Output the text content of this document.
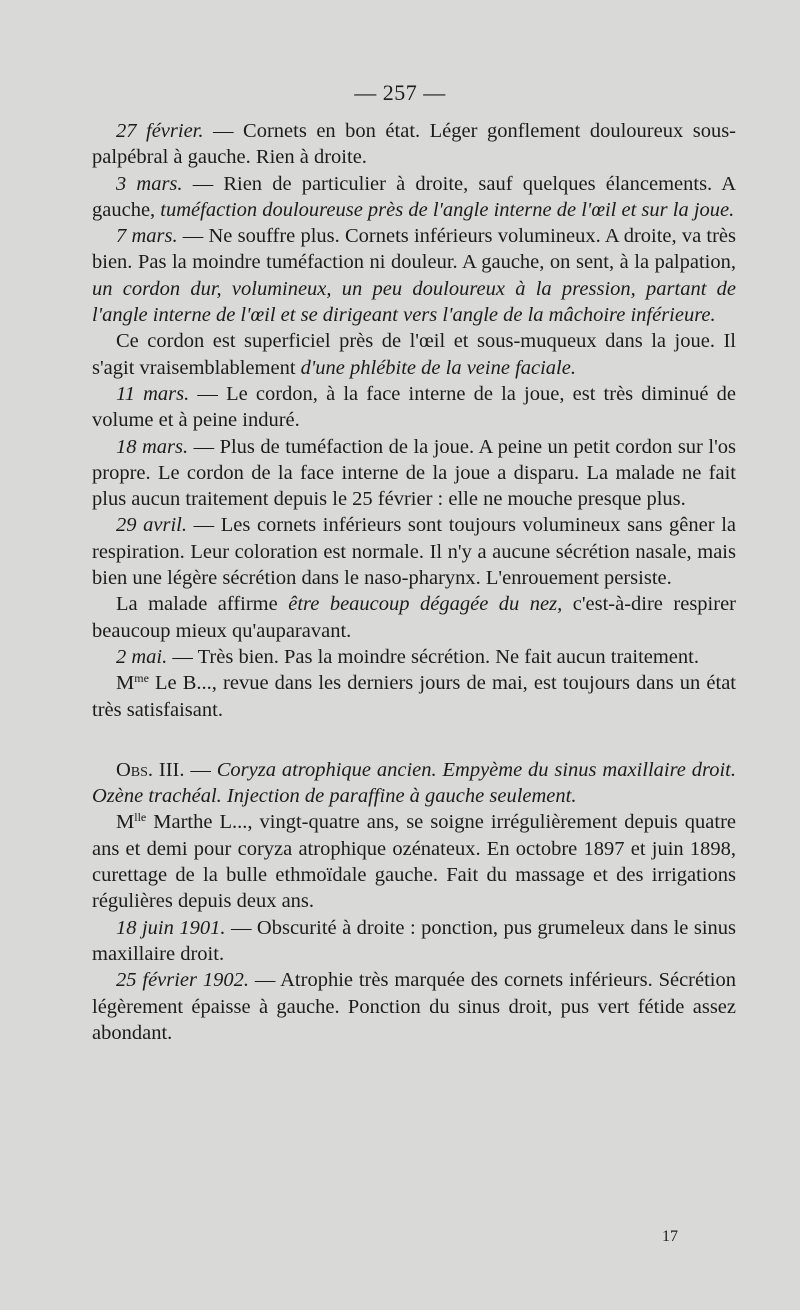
— 257 —

27 février. — Cornets en bon état. Léger gonflement douloureux sous-palpébral à gauche. Rien à droite.

3 mars. — Rien de particulier à droite, sauf quelques élancements. A gauche, tuméfaction douloureuse près de l'angle interne de l'œil et sur la joue.

7 mars. — Ne souffre plus. Cornets inférieurs volumineux. A droite, va très bien. Pas la moindre tuméfaction ni douleur. A gauche, on sent, à la palpation, un cordon dur, volumineux, un peu douloureux à la pression, partant de l'angle interne de l'œil et se dirigeant vers l'angle de la mâchoire inférieure.

Ce cordon est superficiel près de l'œil et sous-muqueux dans la joue. Il s'agit vraisemblablement d'une phlébite de la veine faciale.

11 mars. — Le cordon, à la face interne de la joue, est très diminué de volume et à peine induré.

18 mars. — Plus de tuméfaction de la joue. A peine un petit cordon sur l'os propre. Le cordon de la face interne de la joue a disparu. La malade ne fait plus aucun traitement depuis le 25 février : elle ne mouche presque plus.

29 avril. — Les cornets inférieurs sont toujours volumineux sans gêner la respiration. Leur coloration est normale. Il n'y a aucune sécrétion nasale, mais bien une légère sécrétion dans le naso-pharynx. L'enrouement persiste.

La malade affirme être beaucoup dégagée du nez, c'est-à-dire respirer beaucoup mieux qu'auparavant.

2 mai. — Très bien. Pas la moindre sécrétion. Ne fait aucun traitement.

$M^{me}$ Le B..., revue dans les derniers jours de mai, est toujours dans un état très satisfaisant.

Obs. III. — Coryza atrophique ancien. Empyème du sinus maxillaire droit. Ozène trachéal. Injection de paraffine à gauche seulement.

$M^{lle}$ Marthe L..., vingt-quatre ans, se soigne irrégulièrement depuis quatre ans et demi pour coryza atrophique ozénateux. En octobre 1897 et juin 1898, curettage de la bulle ethmoïdale gauche. Fait du massage et des irrigations régulières depuis deux ans.

18 juin 1901. — Obscurité à droite : ponction, pus grumeleux dans le sinus maxillaire droit.

25 février 1902. — Atrophie très marquée des cornets inférieurs. Sécrétion légèrement épaisse à gauche. Ponction du sinus droit, pus vert fétide assez abondant.

17
